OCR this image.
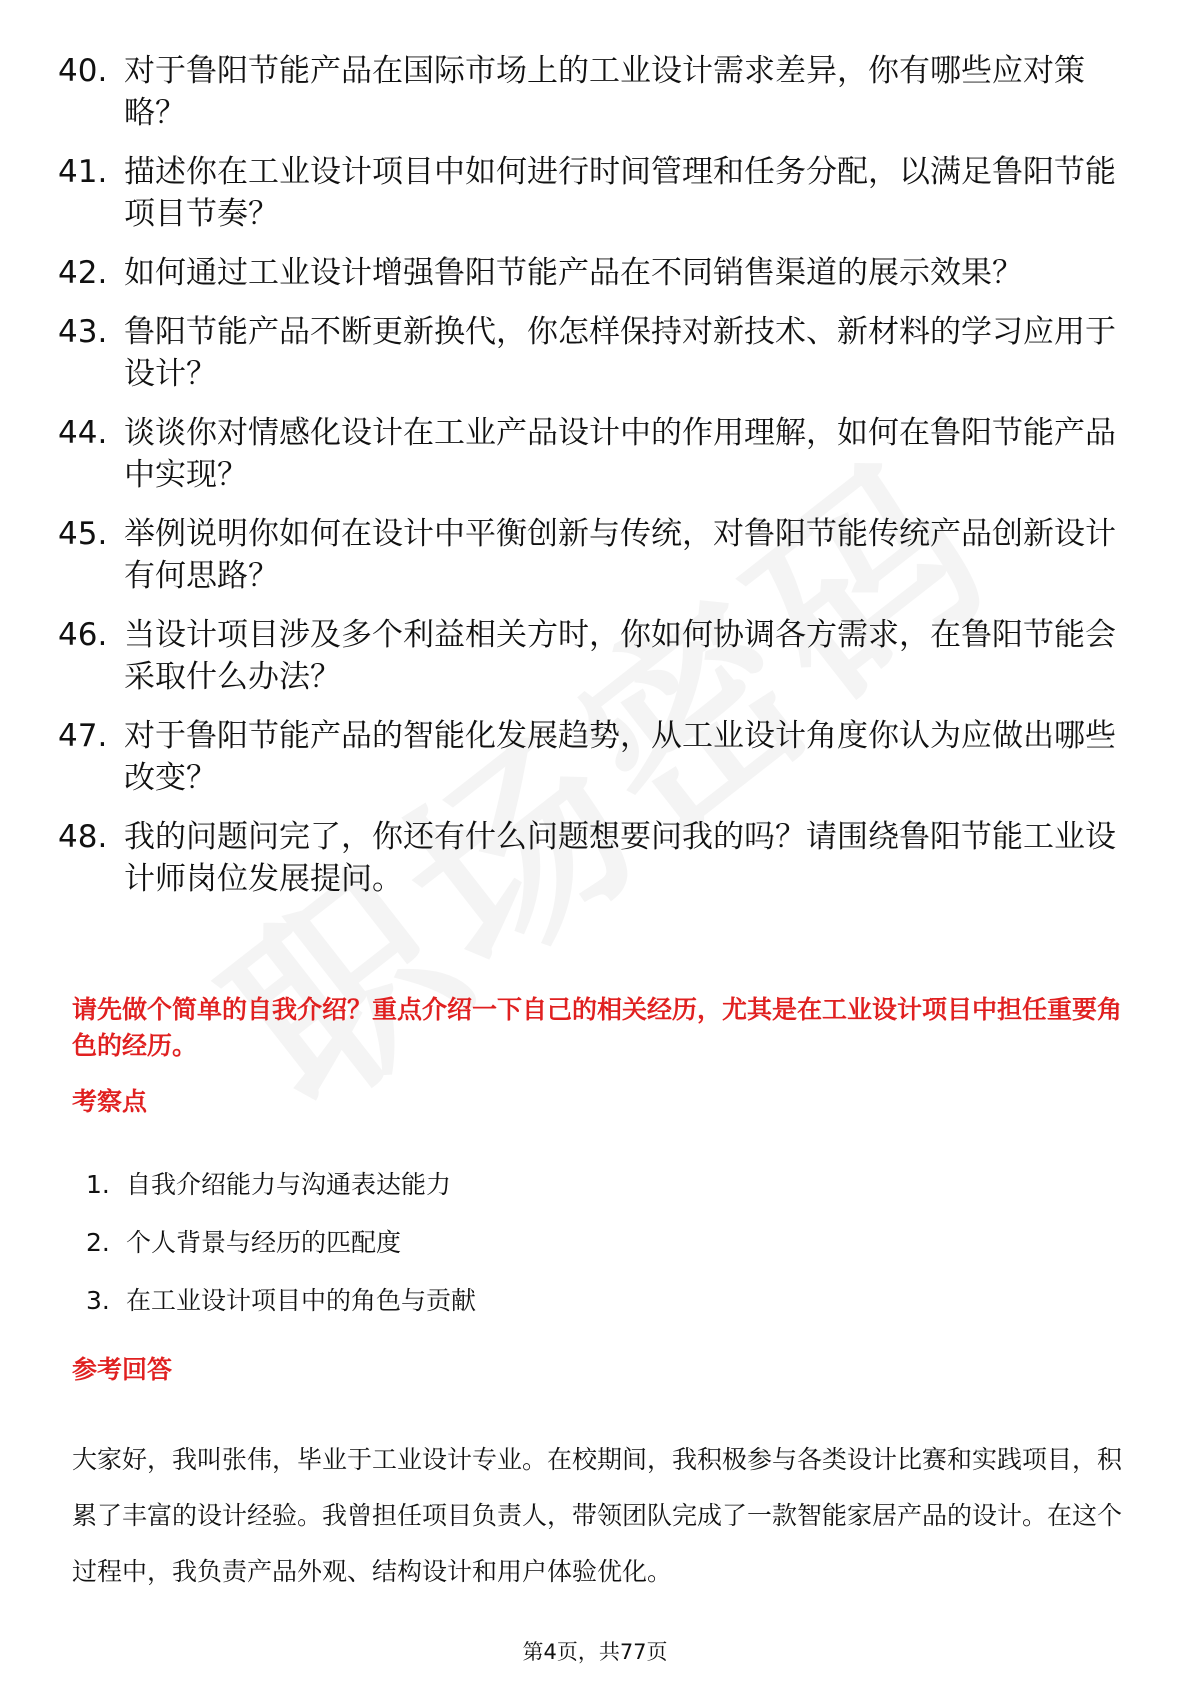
40. 对于鲁阳节能产品在国际市场上的工业设计需求差异，你有哪些应对策略？
41. 描述你在工业设计项目中如何进行时间管理和任务分配，以满足鲁阳节能项目节奏？
42. 如何通过工业设计增强鲁阳节能产品在不同销售渠道的展示效果？
43. 鲁阳节能产品不断更新换代，你怎样保持对新技术、新材料的学习应用于设计？
44. 谈谈你对情感化设计在工业产品设计中的作用理解，如何在鲁阳节能产品中实现？
45. 举例说明你如何在设计中平衡创新与传统，对鲁阳节能传统产品创新设计有何思路？
46. 当设计项目涉及多个利益相关方时，你如何协调各方需求，在鲁阳节能会采取什么办法？
47. 对于鲁阳节能产品的智能化发展趋势，从工业设计角度你认为应做出哪些改变？
48. 我的问题问完了，你还有什么问题想要问我的吗？请围绕鲁阳节能工业设计师岗位发展提问。
请先做个简单的自我介绍？重点介绍一下自己的相关经历，尤其是在工业设计项目中担任重要角色的经历。
考察点
1. 自我介绍能力与沟通表达能力
2. 个人背景与经历的匹配度
3. 在工业设计项目中的角色与贡献
参考回答
大家好，我叫张伟，毕业于工业设计专业。在校期间，我积极参与各类设计比赛和实践项目，积累了丰富的设计经验。我曾担任项目负责人，带领团队完成了一款智能家居产品的设计。在这个过程中，我负责产品外观、结构设计和用户体验优化。
第4页，共77页
